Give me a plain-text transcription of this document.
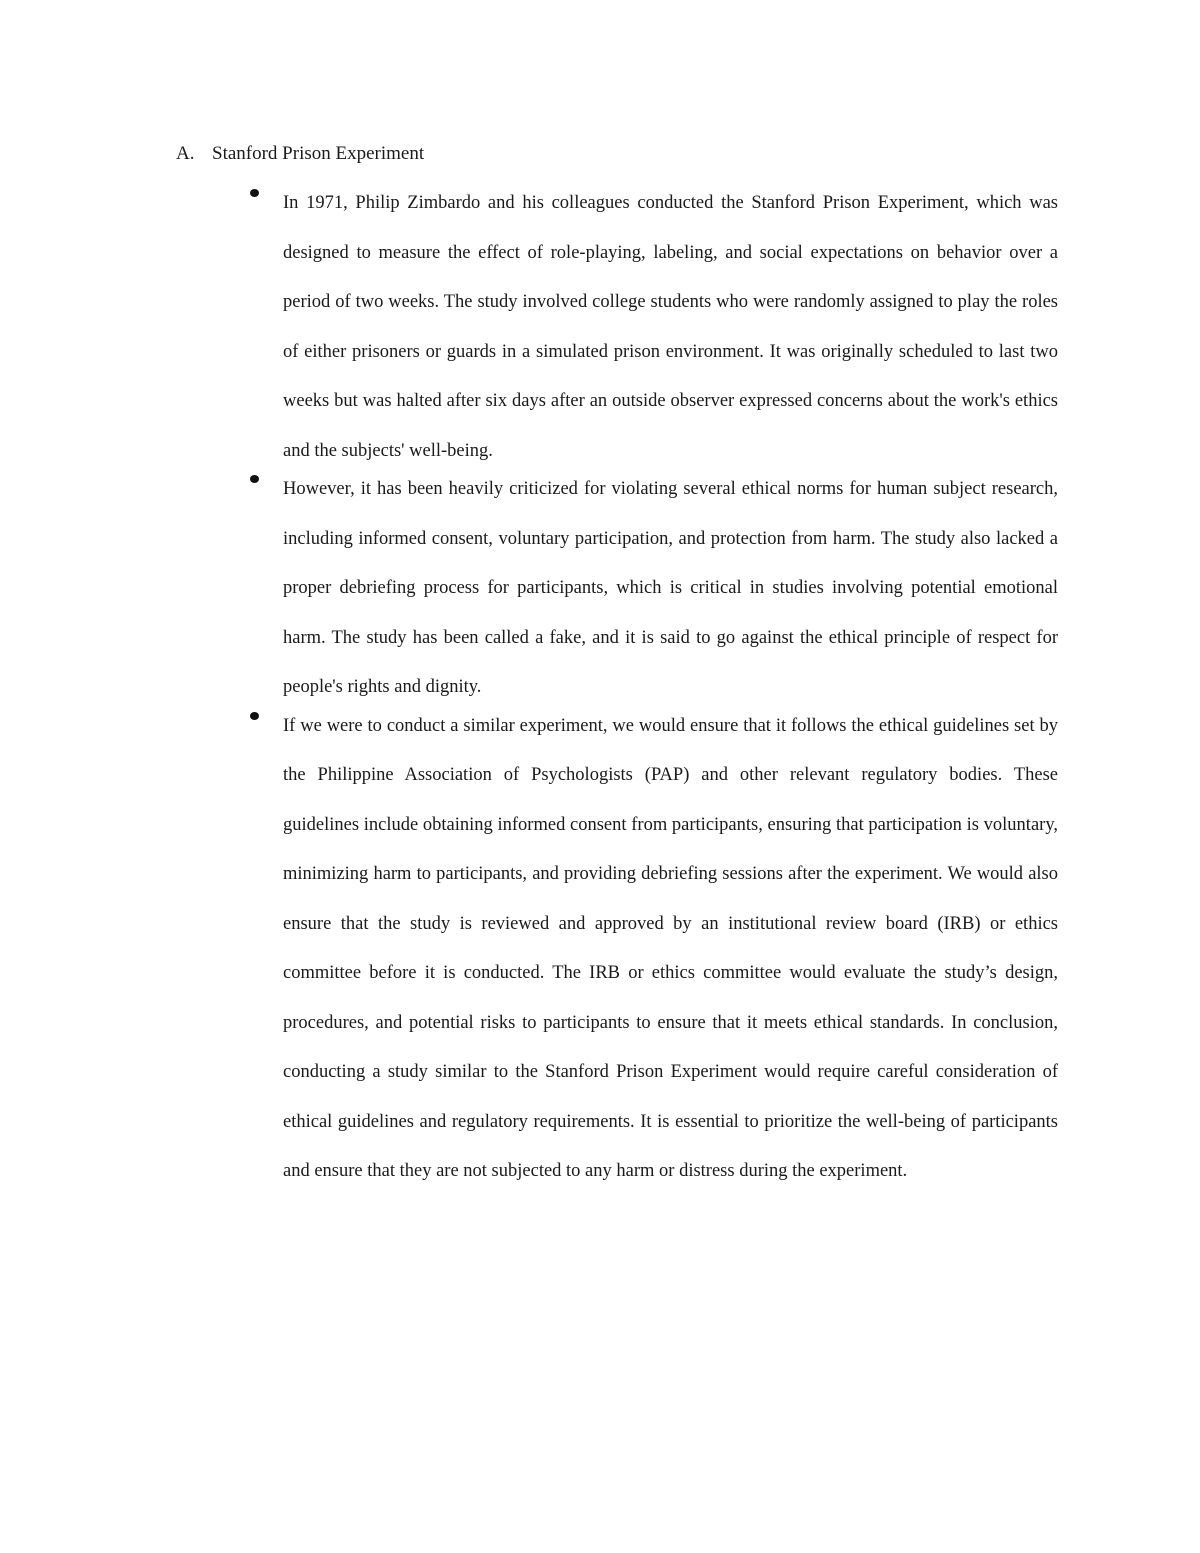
A. Stanford Prison Experiment
In 1971, Philip Zimbardo and his colleagues conducted the Stanford Prison Experiment, which was designed to measure the effect of role-playing, labeling, and social expectations on behavior over a period of two weeks. The study involved college students who were randomly assigned to play the roles of either prisoners or guards in a simulated prison environment. It was originally scheduled to last two weeks but was halted after six days after an outside observer expressed concerns about the work's ethics and the subjects' well-being.
However, it has been heavily criticized for violating several ethical norms for human subject research, including informed consent, voluntary participation, and protection from harm. The study also lacked a proper debriefing process for participants, which is critical in studies involving potential emotional harm. The study has been called a fake, and it is said to go against the ethical principle of respect for people's rights and dignity.
If we were to conduct a similar experiment, we would ensure that it follows the ethical guidelines set by the Philippine Association of Psychologists (PAP) and other relevant regulatory bodies. These guidelines include obtaining informed consent from participants, ensuring that participation is voluntary, minimizing harm to participants, and providing debriefing sessions after the experiment. We would also ensure that the study is reviewed and approved by an institutional review board (IRB) or ethics committee before it is conducted. The IRB or ethics committee would evaluate the study’s design, procedures, and potential risks to participants to ensure that it meets ethical standards. In conclusion, conducting a study similar to the Stanford Prison Experiment would require careful consideration of ethical guidelines and regulatory requirements. It is essential to prioritize the well-being of participants and ensure that they are not subjected to any harm or distress during the experiment.
